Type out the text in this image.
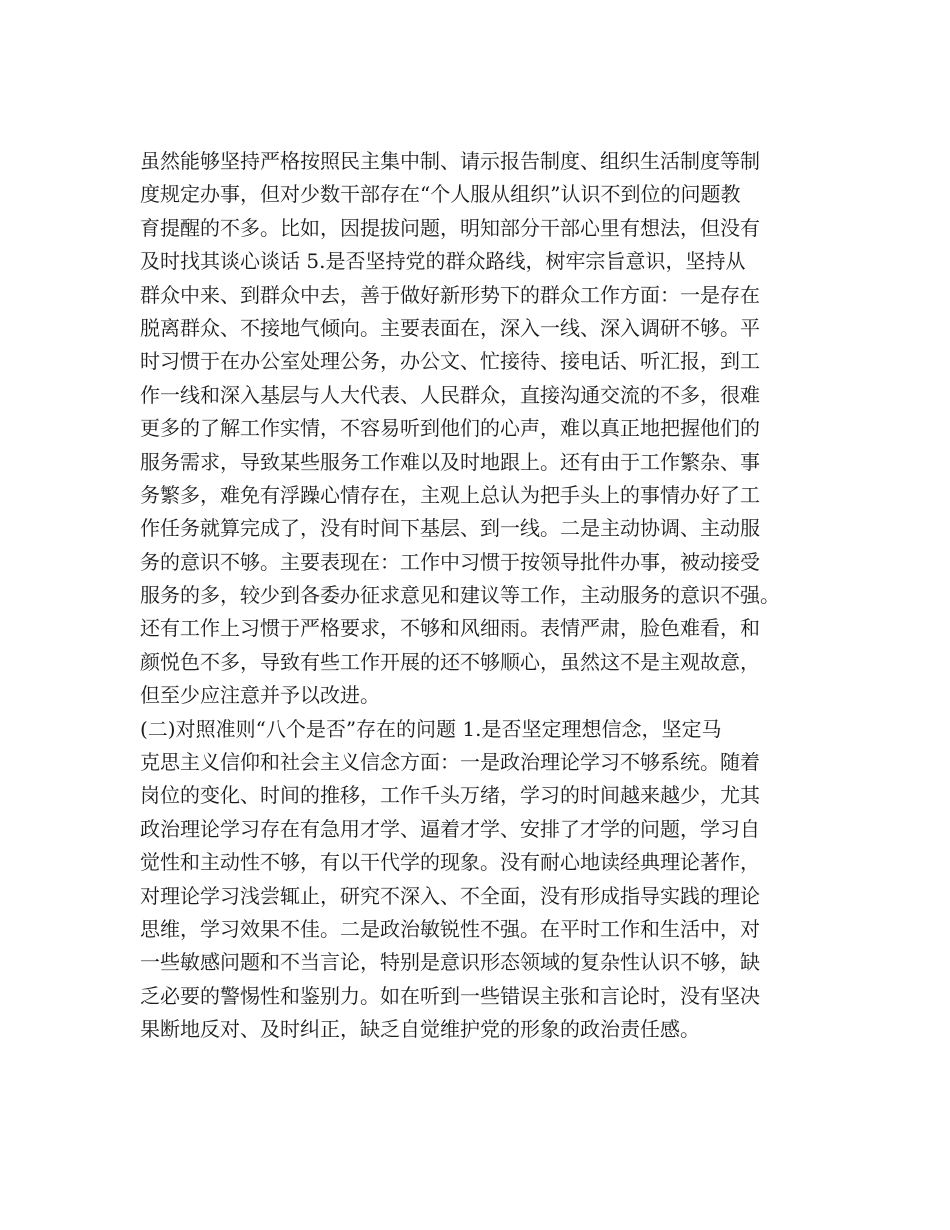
虽然能够坚持严格按照民主集中制、请示报告制度、组织生活制度等制
度规定办事，但对少数干部存在“个人服从组织”认识不到位的问题教
育提醒的不多。比如，因提拔问题，明知部分干部心里有想法，但没有
及时找其谈心谈话 5.是否坚持党的群众路线，树牢宗旨意识，坚持从
群众中来、到群众中去，善于做好新形势下的群众工作方面：一是存在
脱离群众、不接地气倾向。主要表面在，深入一线、深入调研不够。平
时习惯于在办公室处理公务，办公文、忙接待、接电话、听汇报，到工
作一线和深入基层与人大代表、人民群众，直接沟通交流的不多，很难
更多的了解工作实情，不容易听到他们的心声，难以真正地把握他们的
服务需求，导致某些服务工作难以及时地跟上。还有由于工作繁杂、事
务繁多，难免有浮躁心情存在，主观上总认为把手头上的事情办好了工
作任务就算完成了，没有时间下基层、到一线。二是主动协调、主动服
务的意识不够。主要表现在：工作中习惯于按领导批件办事，被动接受
服务的多，较少到各委办征求意见和建议等工作，主动服务的意识不强。
还有工作上习惯于严格要求，不够和风细雨。表情严肃，脸色难看，和
颜悦色不多，导致有些工作开展的还不够顺心，虽然这不是主观故意，
但至少应注意并予以改进。
(二)对照准则“八个是否”存在的问题 1.是否坚定理想信念，坚定马
克思主义信仰和社会主义信念方面：一是政治理论学习不够系统。随着
岗位的变化、时间的推移，工作千头万绪，学习的时间越来越少，尤其
政治理论学习存在有急用才学、逼着才学、安排了才学的问题，学习自
觉性和主动性不够，有以干代学的现象。没有耐心地读经典理论著作，
对理论学习浅尝辄止，研究不深入、不全面，没有形成指导实践的理论
思维，学习效果不佳。二是政治敏锐性不强。在平时工作和生活中，对
一些敏感问题和不当言论，特别是意识形态领域的复杂性认识不够，缺
乏必要的警惕性和鉴别力。如在听到一些错误主张和言论时，没有坚决
果断地反对、及时纠正，缺乏自觉维护党的形象的政治责任感。
